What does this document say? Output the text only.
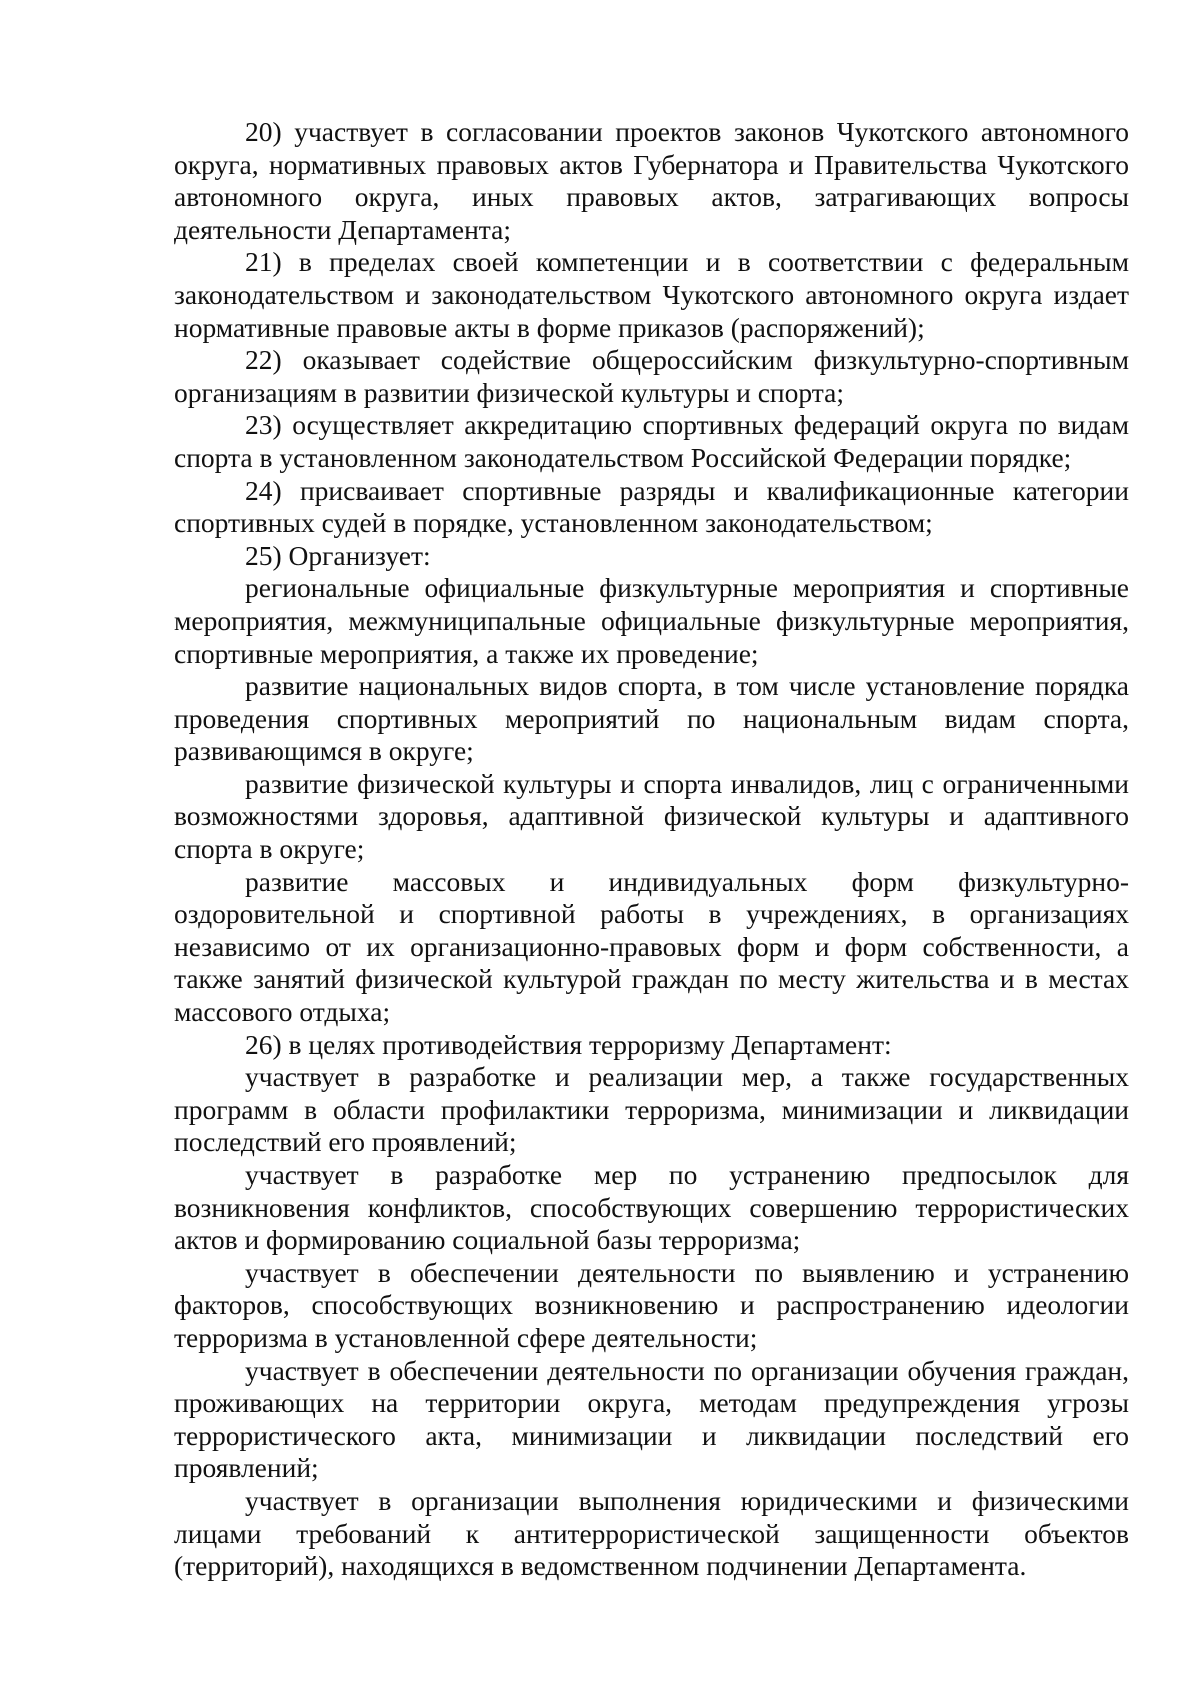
20) участвует в согласовании проектов законов Чукотского автономного округа, нормативных правовых актов Губернатора и Правительства Чукотского автономного округа, иных правовых актов, затрагивающих вопросы деятельности Департамента;

21) в пределах своей компетенции и в соответствии с федеральным законодательством и законодательством Чукотского автономного округа издает нормативные правовые акты в форме приказов (распоряжений);

22) оказывает содействие общероссийским физкультурно-спортивным организациям в развитии физической культуры и спорта;

23) осуществляет аккредитацию спортивных федераций округа по видам спорта в установленном законодательством Российской Федерации порядке;

24) присваивает спортивные разряды и квалификационные категории спортивных судей в порядке, установленном законодательством;

25) Организует:

региональные официальные физкультурные мероприятия и спортивные мероприятия, межмуниципальные официальные физкультурные мероприятия, спортивные мероприятия, а также их проведение;

развитие национальных видов спорта, в том числе установление порядка проведения спортивных мероприятий по национальным видам спорта, развивающимся в округе;

развитие физической культуры и спорта инвалидов, лиц с ограниченными возможностями здоровья, адаптивной физической культуры и адаптивного спорта в округе;

развитие массовых и индивидуальных форм физкультурно-оздоровительной и спортивной работы в учреждениях, в организациях независимо от их организационно-правовых форм и форм собственности, а также занятий физической культурой граждан по месту жительства и в местах массового отдыха;

26) в целях противодействия терроризму Департамент:

участвует в разработке и реализации мер, а также государственных программ в области профилактики терроризма, минимизации и ликвидации последствий его проявлений;

участвует в разработке мер по устранению предпосылок для возникновения конфликтов, способствующих совершению террористических актов и формированию социальной базы терроризма;

участвует в обеспечении деятельности по выявлению и устранению факторов, способствующих возникновению и распространению идеологии терроризма в установленной сфере деятельности;

участвует в обеспечении деятельности по организации обучения граждан, проживающих на территории округа, методам предупреждения угрозы террористического акта, минимизации и ликвидации последствий его проявлений;

участвует в организации выполнения юридическими и физическими лицами требований к антитеррористической защищенности объектов (территорий), находящихся в ведомственном подчинении Департамента.
